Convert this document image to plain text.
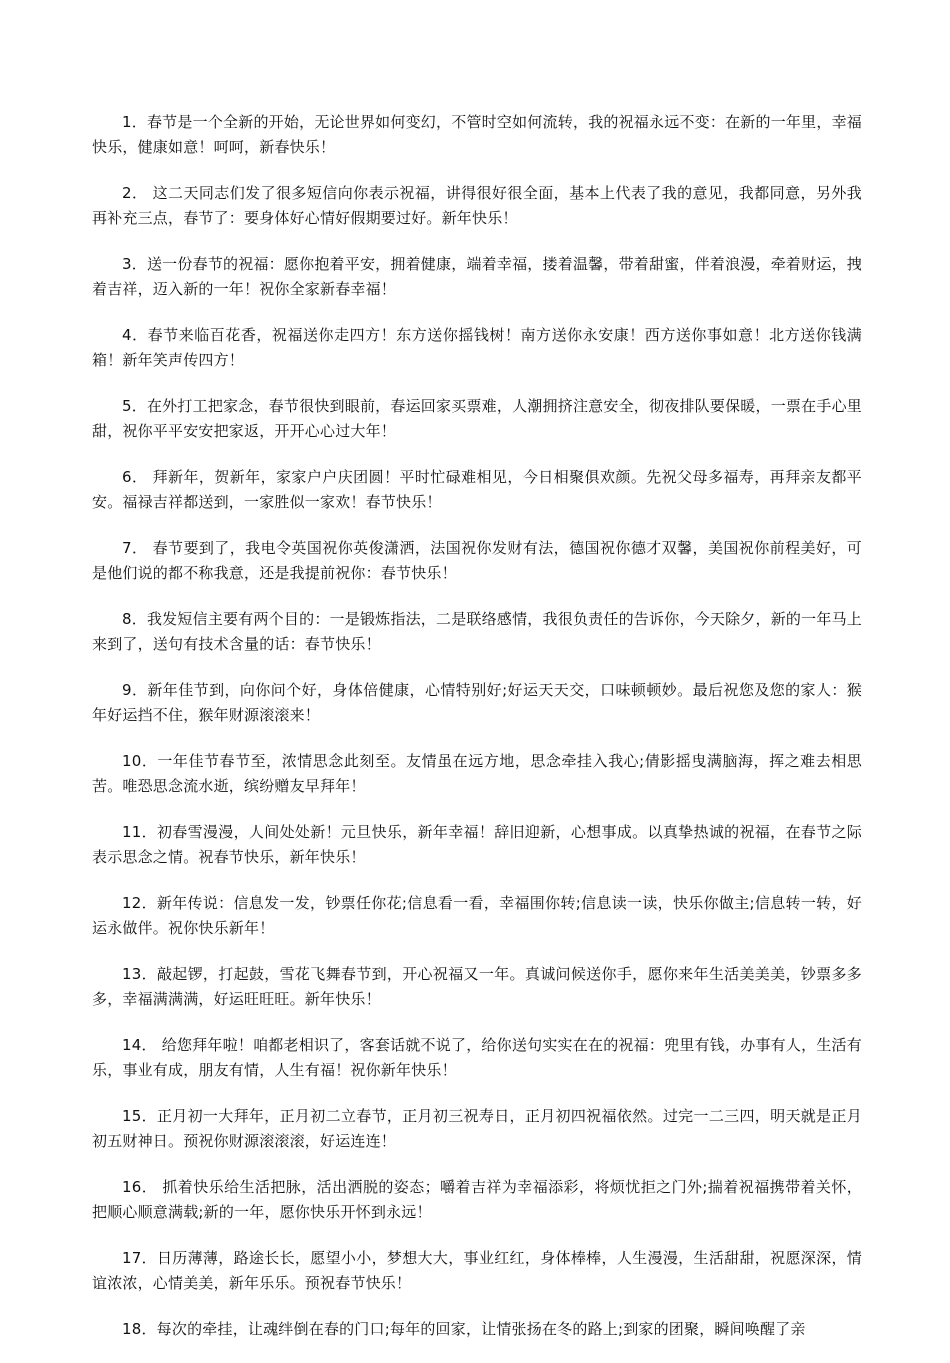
1．春节是一个全新的开始，无论世界如何变幻，不管时空如何流转，我的祝福永远不变：在新的一年里，幸福快乐，健康如意！呵呵，新春快乐！

2． 这二天同志们发了很多短信向你表示祝福，讲得很好很全面，基本上代表了我的意见，我都同意，另外我再补充三点，春节了：要身体好心情好假期要过好。新年快乐！

3．送一份春节的祝福：愿你抱着平安，拥着健康，端着幸福，搂着温馨，带着甜蜜，伴着浪漫，牵着财运，拽着吉祥，迈入新的一年！祝你全家新春幸福！

4．春节来临百花香，祝福送你走四方！东方送你摇钱树！南方送你永安康！西方送你事如意！北方送你钱满箱！新年笑声传四方！

5．在外打工把家念，春节很快到眼前，春运回家买票难，人潮拥挤注意安全，彻夜排队要保暖，一票在手心里甜，祝你平平安安把家返，开开心心过大年！

6． 拜新年，贺新年，家家户户庆团圆！平时忙碌难相见，今日相聚俱欢颜。先祝父母多福寿，再拜亲友都平安。福禄吉祥都送到，一家胜似一家欢！春节快乐！

7． 春节要到了，我电令英国祝你英俊潇洒，法国祝你发财有法，德国祝你德才双馨，美国祝你前程美好，可是他们说的都不称我意，还是我提前祝你：春节快乐！

8．我发短信主要有两个目的：一是锻炼指法，二是联络感情，我很负责任的告诉你，今天除夕，新的一年马上来到了，送句有技术含量的话：春节快乐！

9．新年佳节到，向你问个好，身体倍健康，心情特别好;好运天天交，口味顿顿妙。最后祝您及您的家人：猴年好运挡不住，猴年财源滚滚来！

10．一年佳节春节至，浓情思念此刻至。友情虽在远方地，思念牵挂入我心;倩影摇曳满脑海，挥之难去相思苦。唯恐思念流水逝，缤纷赠友早拜年！

11．初春雪漫漫，人间处处新！元旦快乐，新年幸福！辞旧迎新，心想事成。以真挚热诚的祝福，在春节之际表示思念之情。祝春节快乐，新年快乐！

12．新年传说：信息发一发，钞票任你花;信息看一看，幸福围你转;信息读一读，快乐你做主;信息转一转，好运永做伴。祝你快乐新年！

13．敲起锣，打起鼓，雪花飞舞春节到，开心祝福又一年。真诚问候送你手，愿你来年生活美美美，钞票多多多，幸福满满满，好运旺旺旺。新年快乐！

14． 给您拜年啦！咱都老相识了，客套话就不说了，给你送句实实在在的祝福：兜里有钱，办事有人，生活有乐，事业有成，朋友有情，人生有福！祝你新年快乐！

15．正月初一大拜年，正月初二立春节，正月初三祝寿日，正月初四祝福依然。过完一二三四，明天就是正月初五财神日。预祝你财源滚滚滚，好运连连！

16． 抓着快乐给生活把脉，活出洒脱的姿态；嚼着吉祥为幸福添彩，将烦忧拒之门外;揣着祝福携带着关怀，把顺心顺意满载;新的一年，愿你快乐开怀到永远！

17．日历薄薄，路途长长，愿望小小，梦想大大，事业红红，身体棒棒，人生漫漫，生活甜甜，祝愿深深，情谊浓浓，心情美美，新年乐乐。预祝春节快乐！

18．每次的牵挂，让魂绊倒在春的门口;每年的回家，让情张扬在冬的路上;到家的团聚，瞬间唤醒了亲
